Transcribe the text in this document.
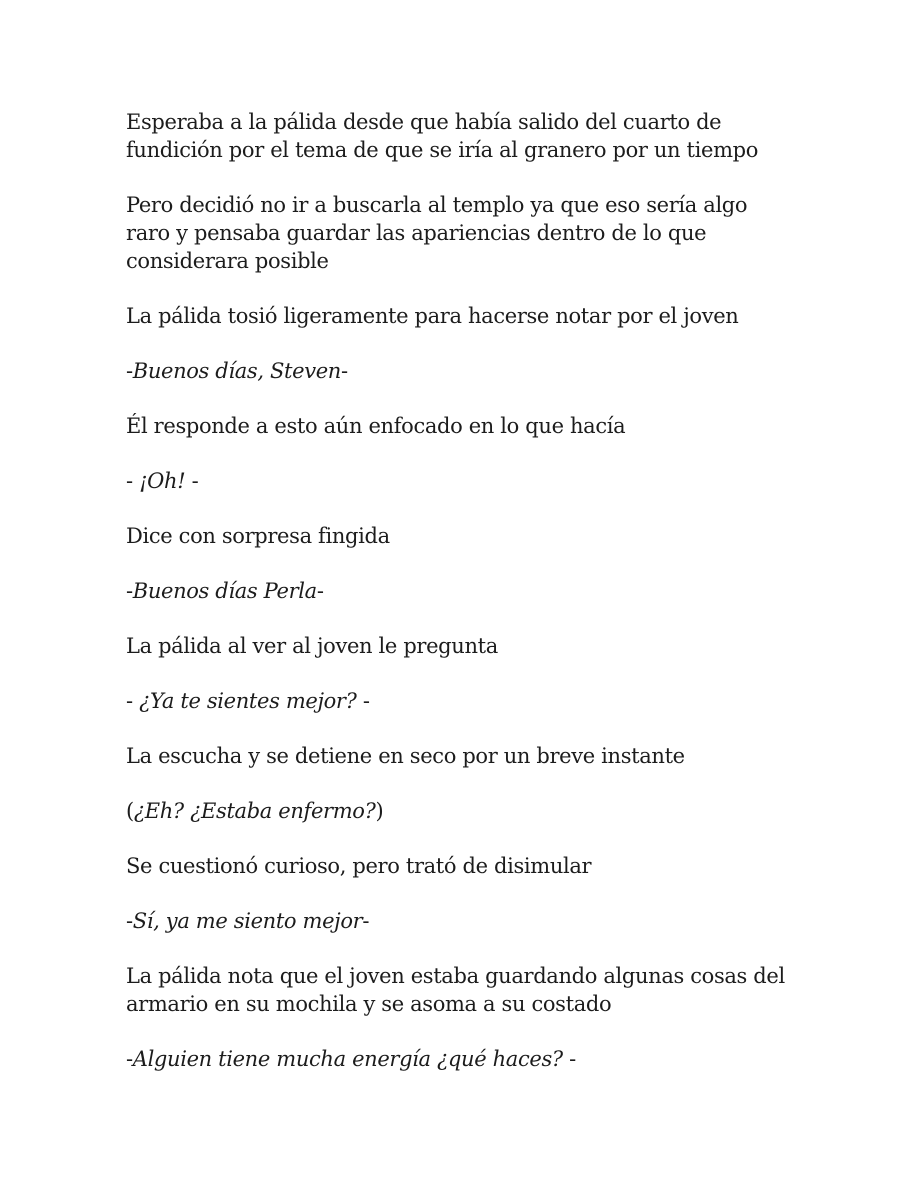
Esperaba a la pálida desde que había salido del cuarto de fundición por el tema de que se iría al granero por un tiempo

Pero decidió no ir a buscarla al templo ya que eso sería algo raro y pensaba guardar las apariencias dentro de lo que considerara posible

La pálida tosió ligeramente para hacerse notar por el joven

-Buenos días, Steven-

Él responde a esto aún enfocado en lo que hacía

- ¡Oh! -

Dice con sorpresa fingida

-Buenos días Perla-

La pálida al ver al joven le pregunta

- ¿Ya te sientes mejor? -

La escucha y se detiene en seco por un breve instante

(¿Eh? ¿Estaba enfermo?)

Se cuestionó curioso, pero trató de disimular

-Sí, ya me siento mejor-

La pálida nota que el joven estaba guardando algunas cosas del armario en su mochila y se asoma a su costado

-Alguien tiene mucha energía ¿qué haces? -
